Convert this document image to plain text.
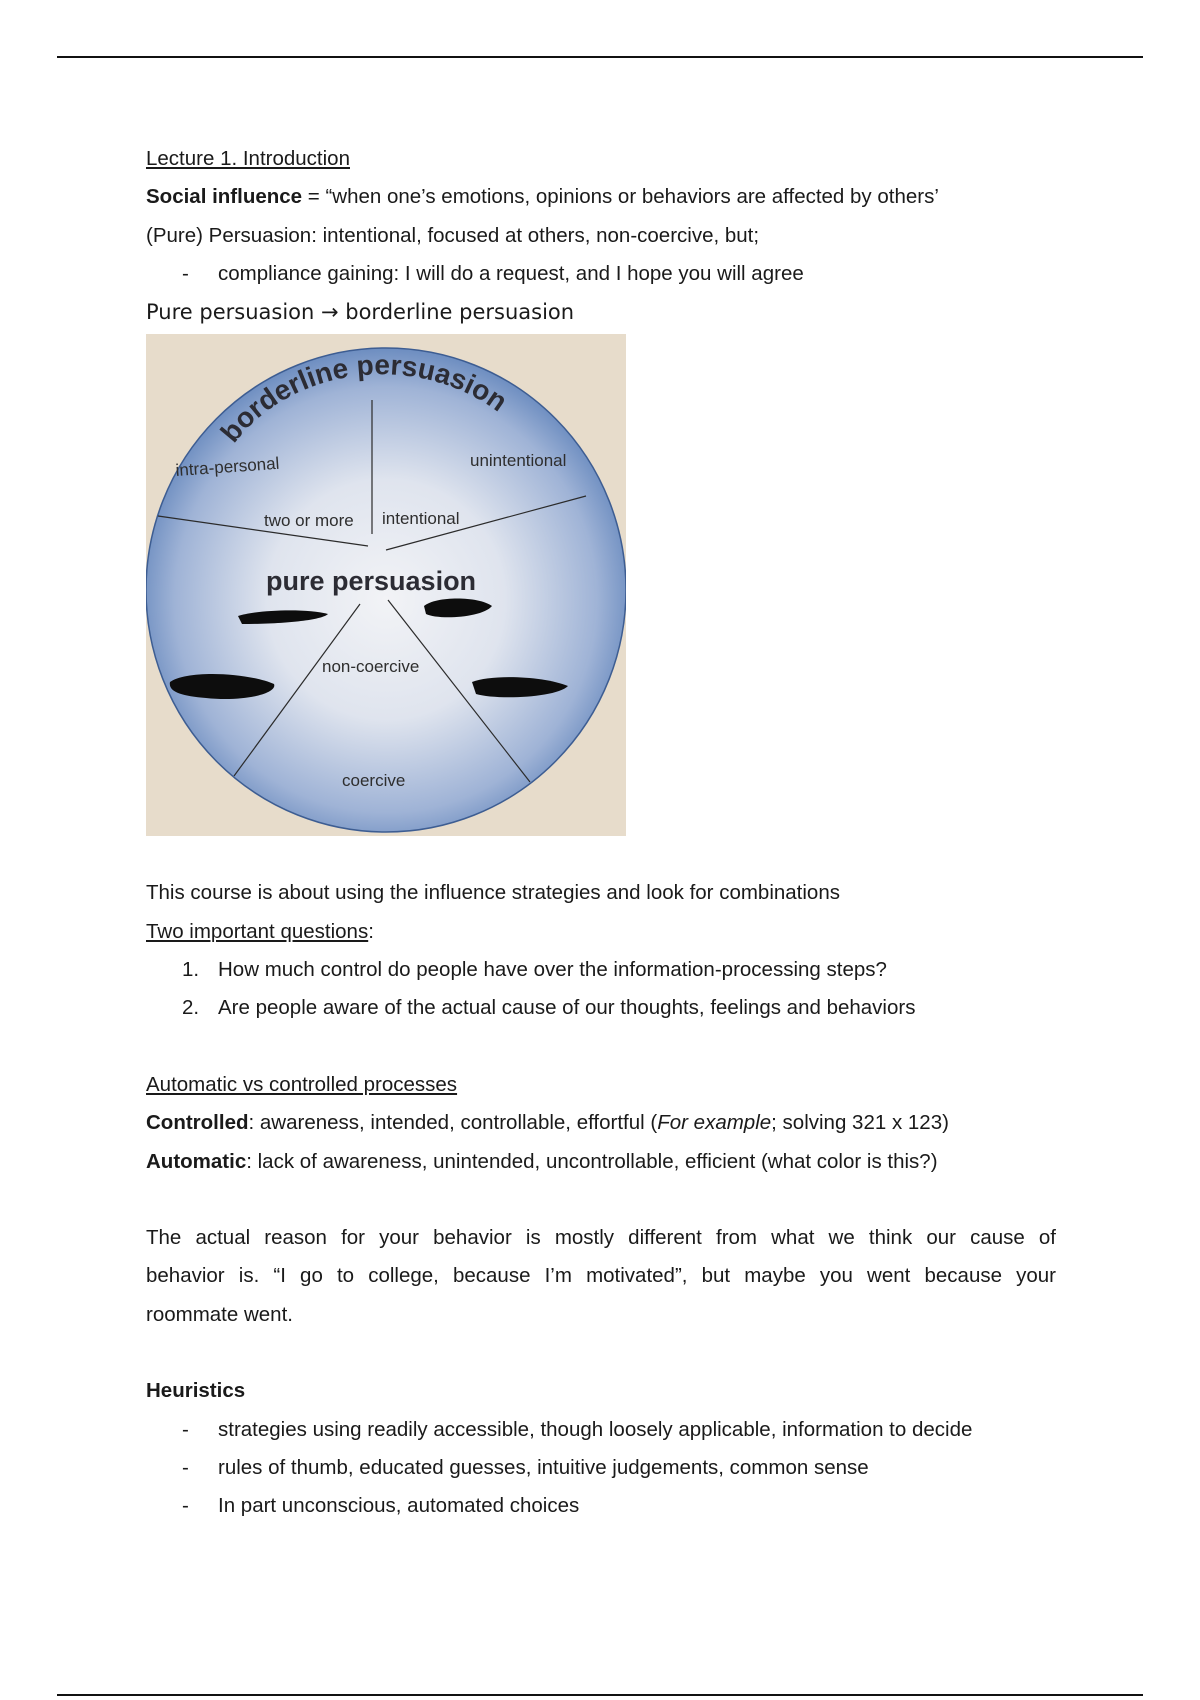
Lecture 1. Introduction
Social influence = “when one’s emotions, opinions or behaviors are affected by others’
(Pure) Persuasion: intentional, focused at others, non-coercive, but;
- compliance gaining: I will do a request, and I hope you will agree
Pure persuasion → borderline persuasion
borderline persuasion
intra-personal	unintentional
two or more intentional
pure persuasion
non-coercive
coercive
This course is about using the influence strategies and look for combinations
Two important questions:
1. How much control do people have over the information-processing steps?
2. Are people aware of the actual cause of our thoughts, feelings and behaviors
Automatic vs controlled processes
Controlled: awareness, intended, controllable, effortful (For example; solving 321 x 123)
Automatic: lack of awareness, unintended, uncontrollable, efficient (what color is this?)
The actual reason for your behavior is mostly different from what we think our cause of
behavior is. “I go to college, because I’m motivated”, but maybe you went because your
roommate went.
Heuristics
- strategies using readily accessible, though loosely applicable, information to decide
- rules of thumb, educated guesses, intuitive judgements, common sense
- In part unconscious, automated choices
